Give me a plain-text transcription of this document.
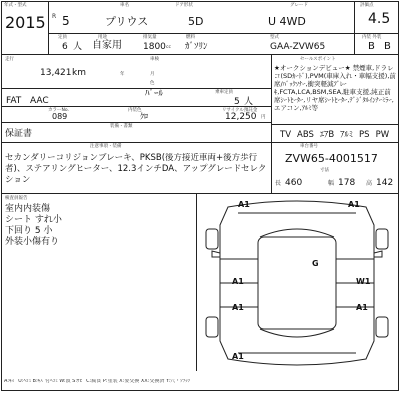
年式・型式
2015 R
車名	ドア形状	グレード	評価点
5	プリウス	5D	U 4WD	4.5
定員	用途	排気量	燃料	型式	内装 外装
6 人 自家用 1800 cc ｶﾞｿﾘﾝ	GAA-ZVW65	B B
走行	車検
13,421 km	年	月
色
FAT AAC
ﾊﾟｰﾙ	乗車定員
5 人
カラーNo.	内装色	リサイクル預託金
089	ｸﾛ	12,250 円
装備・書類
保証書
セールスポイント
★オークションデビュー★ 禁煙車,ドラレコ(SDｶｰﾄﾞ),PVM(車庫入れ・車幅支援),前席/ﾊﾞｯｸｿﾅｰ,衝突軽減ﾌﾞﾚｰｷ,FCTA,LCA,BSM,SEA,駐車支援,純正前席ｼｰﾄﾋｰﾀｰ,リヤ席ｼｰﾄﾋｰﾀｰ,ﾃﾞｼﾞﾀﾙｲﾝﾅｰﾐﾗｰ,エアコン,ｱﾙﾐ等
TV ABS ｴｱB ｱﾙﾐ PS PW
注意事項・装備
セカンダリーコリジョンブレーキ、PKSB(後方接近車両+後方歩行者)、ステアリングヒーター、12.3インチDA、アップグレードセレクション
車台番号
ZVW65-4001517
寸法
長 460	幅 178 高 142
検査員報告
室内内装傷
シート すれ小
下回り 5 小
外装小傷有り
A1	A1
G
A1	W1
A1	A1
A1
A:ｷｽﾞ U:ﾍｺﾐ B:ｷｽﾞ付ﾍｺﾐ W:波 S:ｻﾋﾞ C:腐食 P:塗装 X:要交換 XX:交換済 Y:穴・ｸﾗｯｸ
